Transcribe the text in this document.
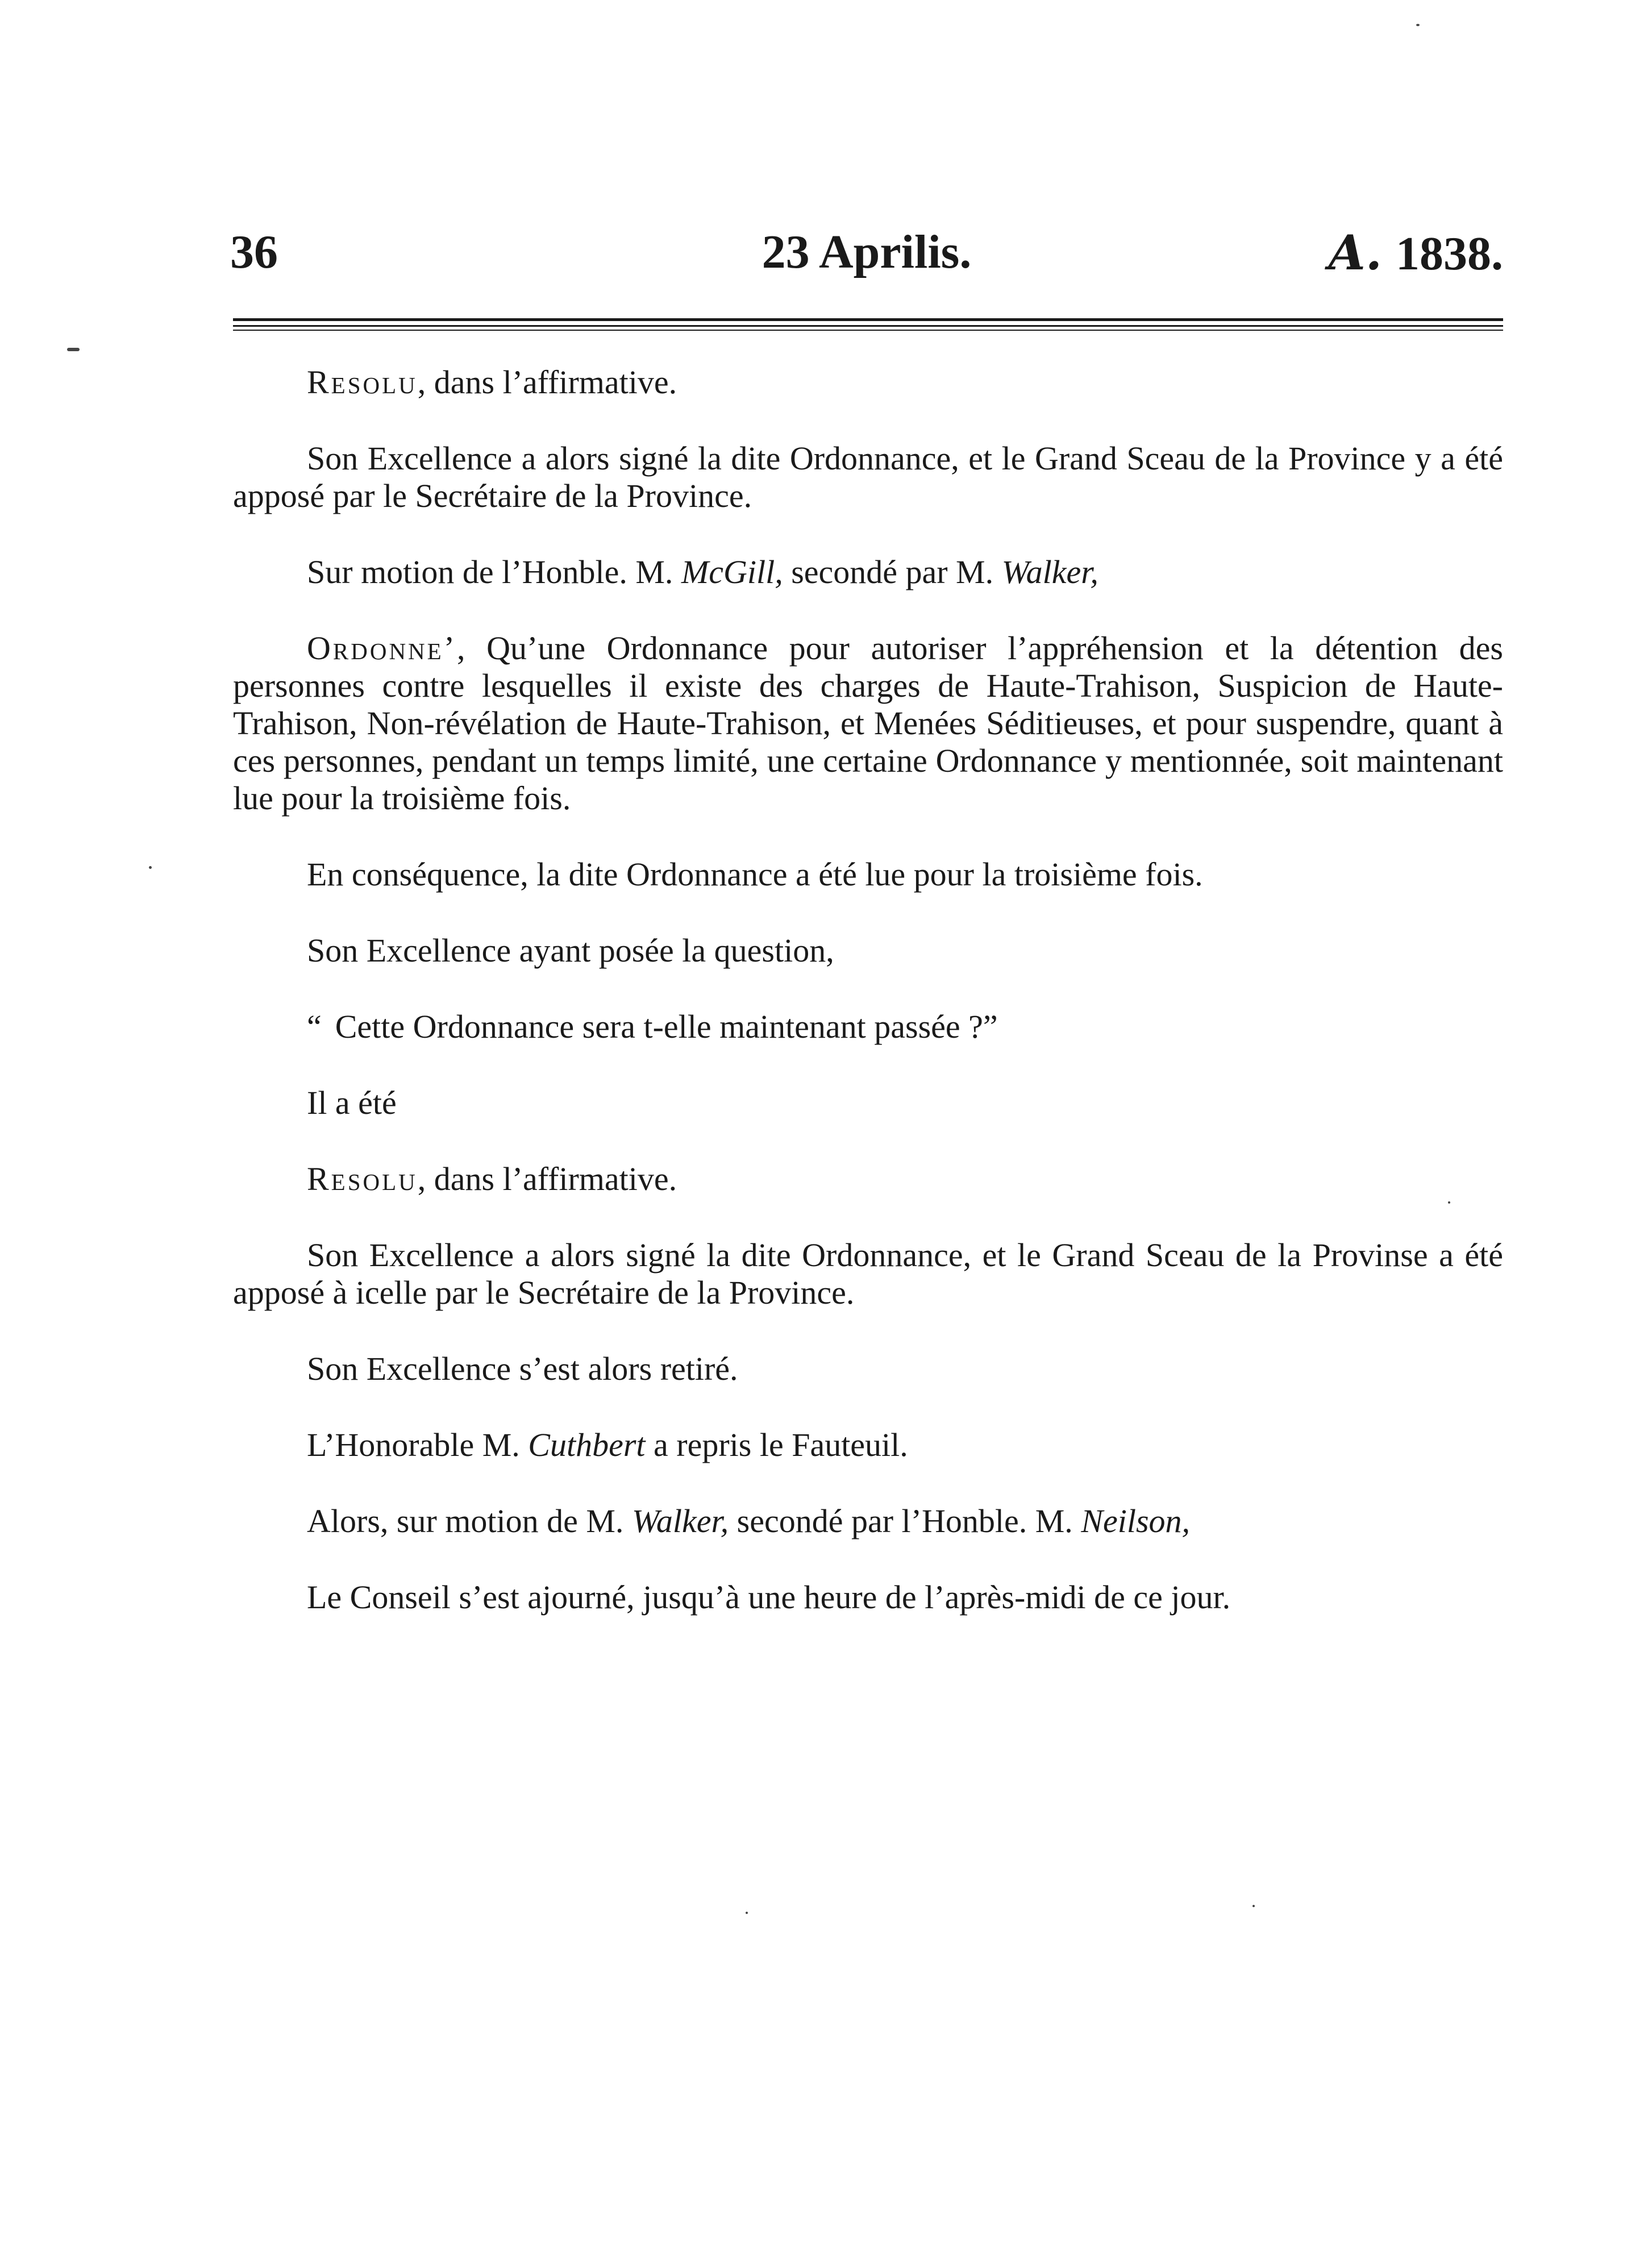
36	23 Aprilis.	A. 1838.

Resolu, dans l’affirmative.

Son Excellence a alors signé la dite Ordonnance, et le Grand Sceau de la Province y a été apposé par le Secrétaire de la Province.

Sur motion de l’Honble. M. McGill, secondé par M. Walker,

Ordonne’, Qu’une Ordonnance pour autoriser l’appréhension et la détention des personnes contre lesquelles il existe des charges de Haute-Trahison, Suspicion de Haute-Trahison, Non-révélation de Haute-Trahison, et Menées Séditieuses, et pour suspendre, quant à ces personnes, pendant un temps limité, une certaine Ordonnance y mentionnée, soit maintenant lue pour la troisième fois.

En conséquence, la dite Ordonnance a été lue pour la troisième fois.

Son Excellence ayant posée la question,

“ Cette Ordonnance sera t-elle maintenant passée ?”

Il a été

Resolu, dans l’affirmative.

Son Excellence a alors signé la dite Ordonnance, et le Grand Sceau de la Provinse a été apposé à icelle par le Secrétaire de la Province.

Son Excellence s’est alors retiré.

L’Honorable M. Cuthbert a repris le Fauteuil.

Alors, sur motion de M. Walker, secondé par l’Honble. M. Neilson,

Le Conseil s’est ajourné, jusqu’à une heure de l’après-midi de ce jour.
